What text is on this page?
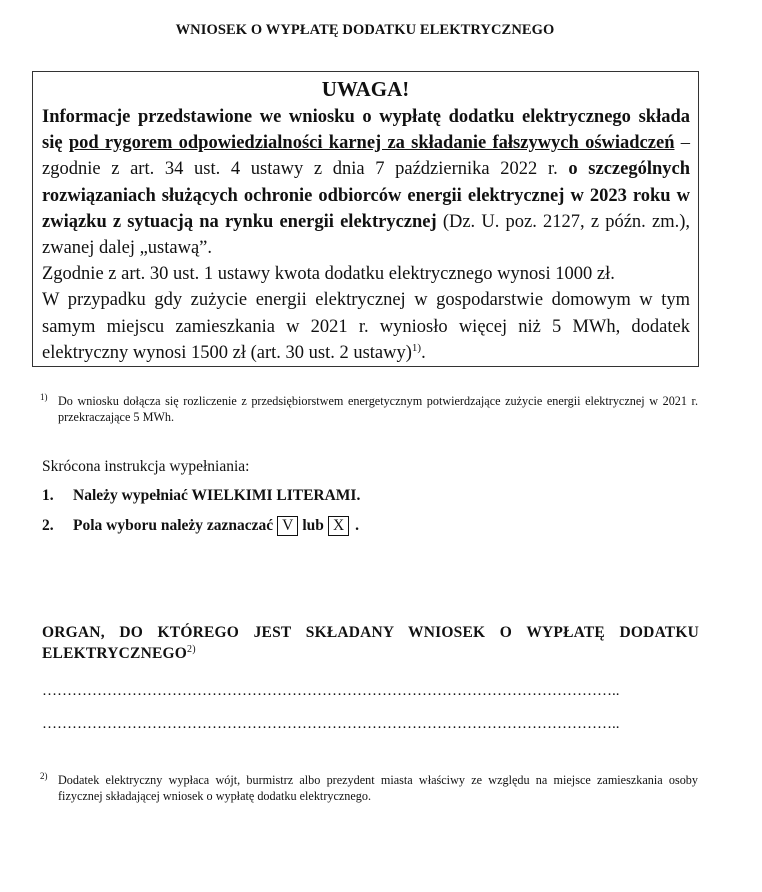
WNIOSEK O WYPŁATĘ DODATKU ELEKTRYCZNEGO
UWAGA!

Informacje przedstawione we wniosku o wypłatę dodatku elektrycznego składa się pod rygorem odpowiedzialności karnej za składanie fałszywych oświadczeń – zgodnie z art. 34 ust. 4 ustawy z dnia 7 października 2022 r. o szczególnych rozwiązaniach służących ochronie odbiorców energii elektrycznej w 2023 roku w związku z sytuacją na rynku energii elektrycznej (Dz. U. poz. 2127, z późn. zm.), zwanej dalej „ustawą”.

Zgodnie z art. 30 ust. 1 ustawy kwota dodatku elektrycznego wynosi 1000 zł.

W przypadku gdy zużycie energii elektrycznej w gospodarstwie domowym w tym samym miejscu zamieszkania w 2021 r. wyniosło więcej niż 5 MWh, dodatek elektryczny wynosi 1500 zł (art. 30 ust. 2 ustawy)$^{1)}$.

1) Do wniosku dołącza się rozliczenie z przedsiębiorstwem energetycznym potwierdzające zużycie energii elektrycznej w 2021 r. przekraczające 5 MWh.
Skrócona instrukcja wypełniania:
1.	Należy wypełniać WIELKIMI LITERAMI.
2.	Pola wyboru należy zaznaczać V lub X .
ORGAN, DO KTÓREGO JEST SKŁADANY WNIOSEK O WYPŁATĘ DODATKU ELEKTRYCZNEGO$^{2)}$
……………………………………………………………………………………………………..
……………………………………………………………………………………………………..
2) Dodatek elektryczny wypłaca wójt, burmistrz albo prezydent miasta właściwy ze względu na miejsce zamieszkania osoby fizycznej składającej wniosek o wypłatę dodatku elektrycznego.
